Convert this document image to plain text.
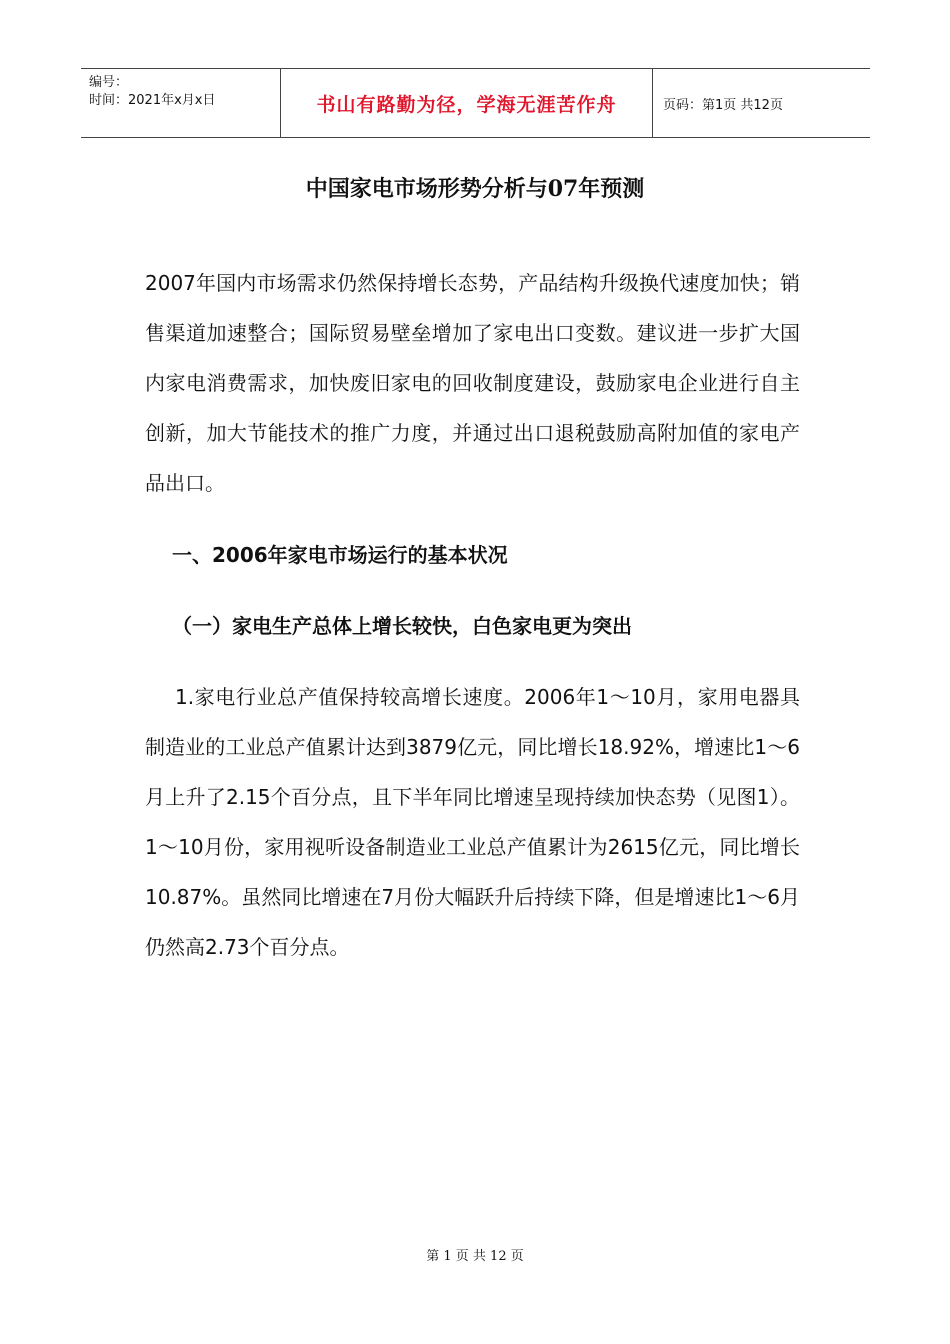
编号：
时间：2021年x月x日	书山有路勤为径，学海无涯苦作舟	页码：第1页 共12页
中国家电市场形势分析与07年预测

2007年国内市场需求仍然保持增长态势，产品结构升级换代速度加快；销售渠道加速整合；国际贸易壁垒增加了家电出口变数。建议进一步扩大国内家电消费需求，加快废旧家电的回收制度建设，鼓励家电企业进行自主创新，加大节能技术的推广力度，并通过出口退税鼓励高附加值的家电产品出口。

一、2006年家电市场运行的基本状况
（一）家电生产总体上增长较快，白色家电更为突出

1.家电行业总产值保持较高增长速度。2006年1～10月，家用电器具制造业的工业总产值累计达到3879亿元，同比增长18.92%，增速比1～6月上升了2.15个百分点，且下半年同比增速呈现持续加快态势（见图1）。1～10月份，家用视听设备制造业工业总产值累计为2615亿元，同比增长10.87%。虽然同比增速在7月份大幅跃升后持续下降，但是增速比1～6月仍然高2.73个百分点。

第 1 页 共 12 页
